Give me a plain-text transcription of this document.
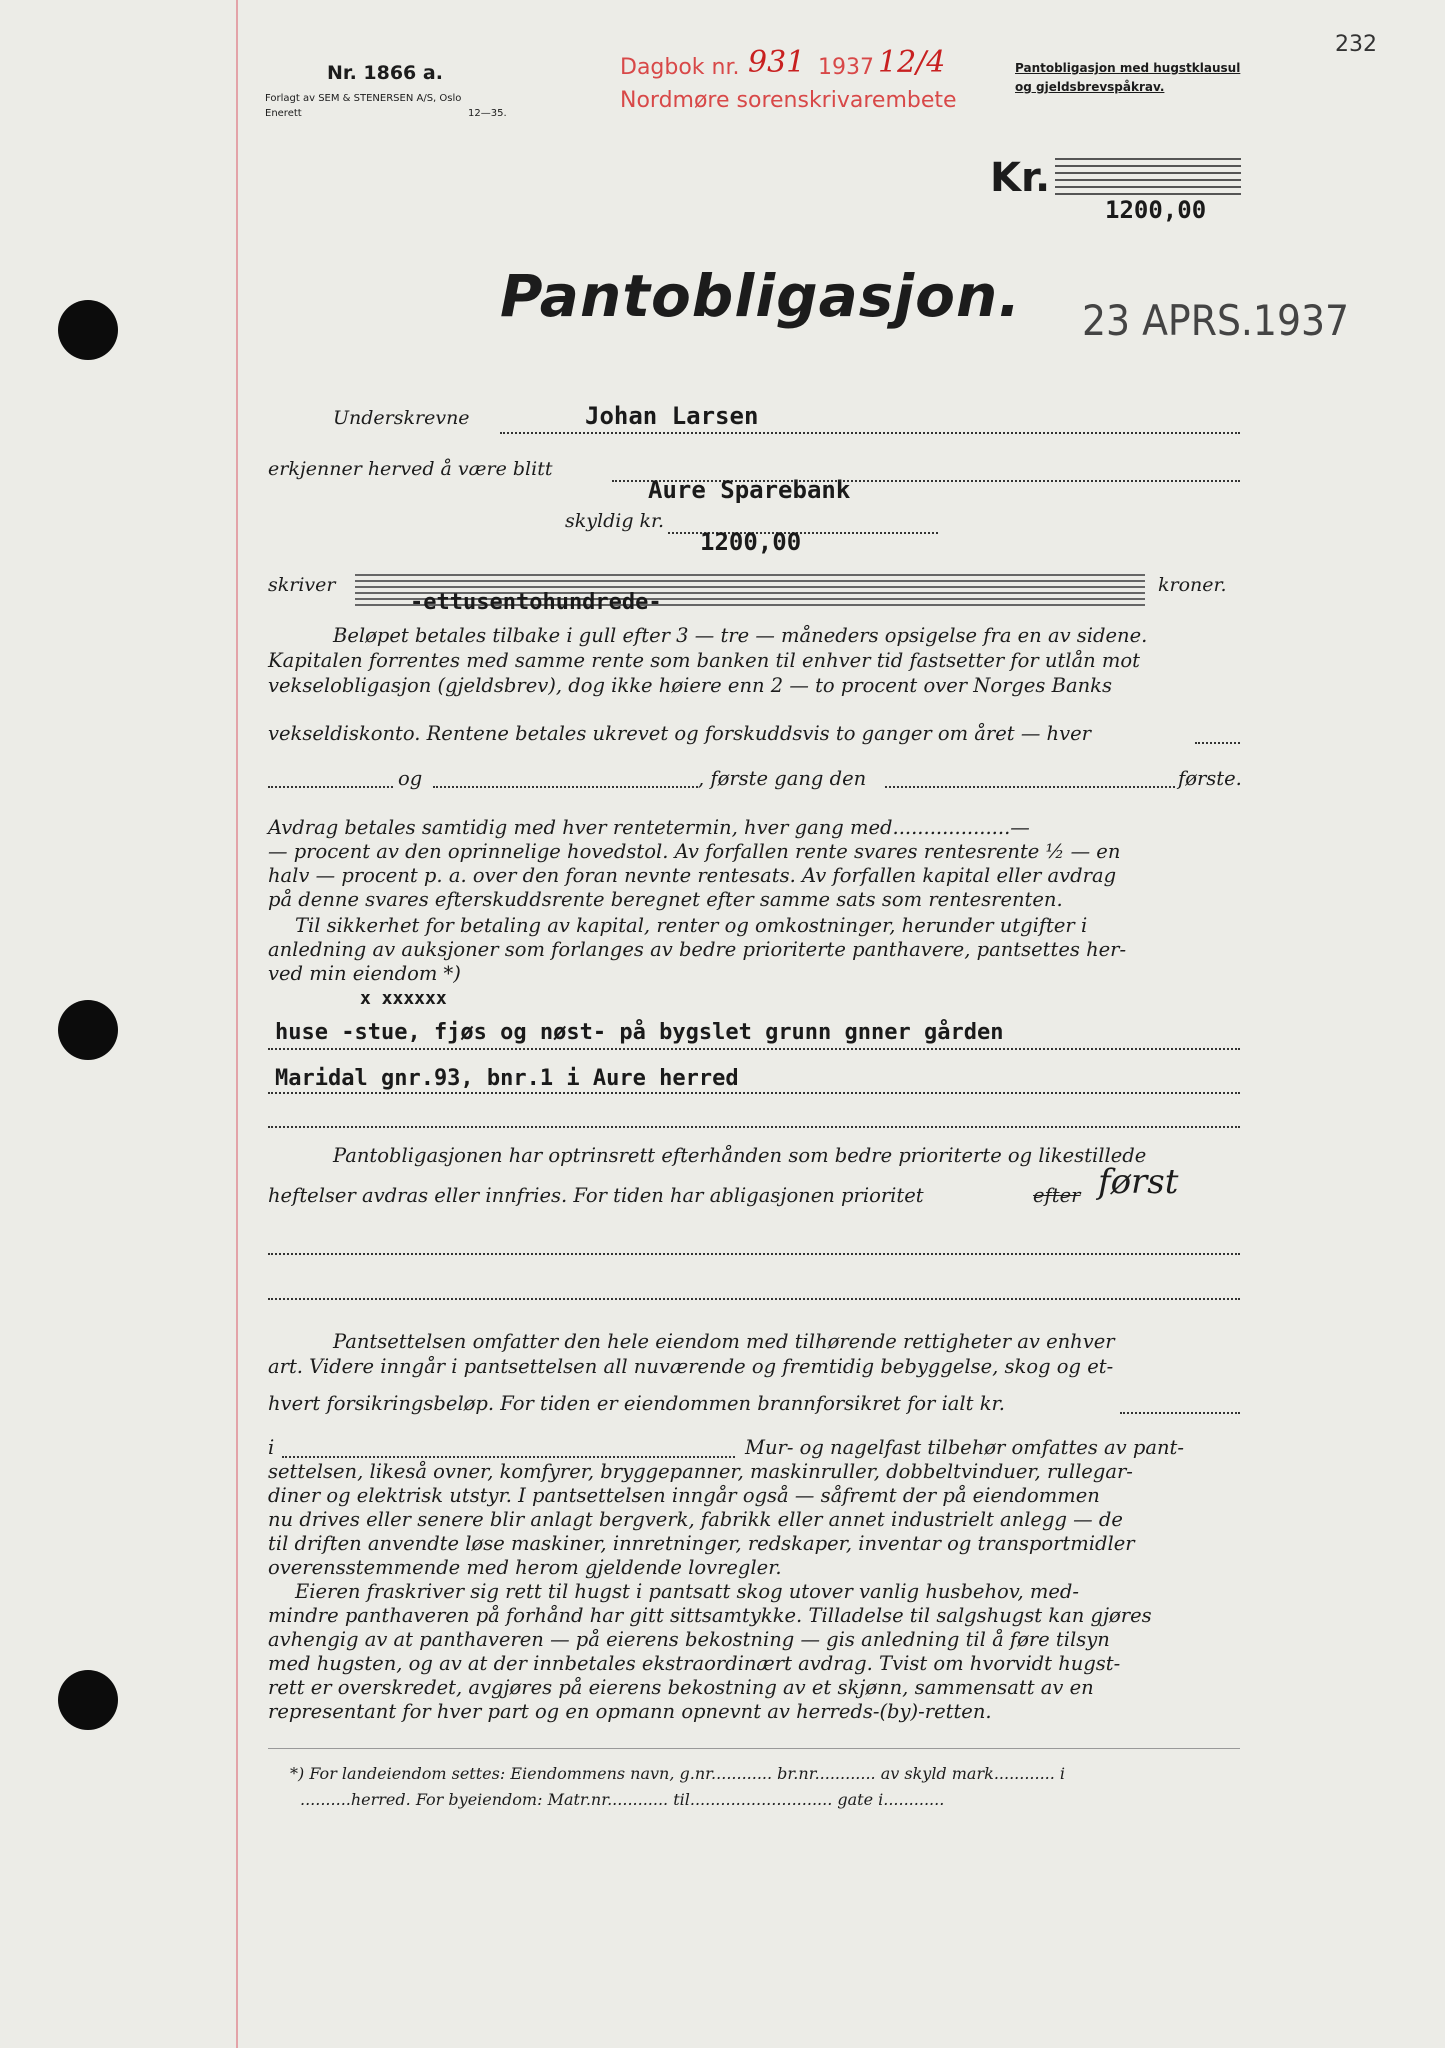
Nr. 1866 a.
Forlagt av SEM & STENERSEN A/S, Oslo
Enerett	12—35.
Dagbok nr. 931 1937 12/4
Nordmøre sorenskrivarembete
Pantobligasjon med hugstklausul
og gjeldsbrevspåkrav.
232
Kr.
1200,00
Pantobligasjon. 23 APRS.1937
Underskrevne	Johan Larsen
erkjenner herved å være blitt
Aure Sparebank
skyldig kr.
1200,00
skriver
-ettusentohundrede-
kroner.
Beløpet betales tilbake i gull efter 3 — tre — måneders opsigelse fra en av sidene.
Kapitalen forrentes med samme rente som banken til enhver tid fastsetter for utlån mot
vekselobligasjon (gjeldsbrev), dog ikke høiere enn 2 — to procent over Norges Banks
vekseldiskonto. Rentene betales ukrevet og forskuddsvis to ganger om året — hver
og	, første gang den	første.
Avdrag betales samtidig med hver rentetermin, hver gang med...................—
— procent av den oprinnelige hovedstol. Av forfallen rente svares rentesrente ½ — en
halv — procent p. a. over den foran nevnte rentesats. Av forfallen kapital eller avdrag
på denne svares efterskuddsrente beregnet efter samme sats som rentesrenten.
Til sikkerhet for betaling av kapital, renter og omkostninger, herunder utgifter i
anledning av auksjoner som forlanges av bedre prioriterte panthavere, pantsettes her-
ved min eiendom *)
x xxxxxx
huse -stue, fjøs og nøst- på bygslet grunn gnner gården
Maridal gnr.93, bnr.1 i Aure herred
Pantobligasjonen har optrinsrett efterhånden som bedre prioriterte og likestillede
heftelser avdras eller innfries. For tiden har abligasjonen prioritet	efter først
Pantsettelsen omfatter den hele eiendom med tilhørende rettigheter av enhver
art. Videre inngår i pantsettelsen all nuværende og fremtidig bebyggelse, skog og et-
hvert forsikringsbeløp. For tiden er eiendommen brannforsikret for ialt kr.
i	Mur- og nagelfast tilbehør omfattes av pant-
settelsen, likeså ovner, komfyrer, bryggepanner, maskinruller, dobbeltvinduer, rullegar-
diner og elektrisk utstyr. I pantsettelsen inngår også — såfremt der på eiendommen
nu drives eller senere blir anlagt bergverk, fabrikk eller annet industrielt anlegg — de
til driften anvendte løse maskiner, innretninger, redskaper, inventar og transportmidler
overensstemmende med herom gjeldende lovregler.
Eieren fraskriver sig rett til hugst i pantsatt skog utover vanlig husbehov, med-
mindre panthaveren på forhånd har gitt sittsamtykke. Tilladelse til salgshugst kan gjøres
avhengig av at panthaveren — på eierens bekostning — gis anledning til å føre tilsyn
med hugsten, og av at der innbetales ekstraordinært avdrag. Tvist om hvorvidt hugst-
rett er overskredet, avgjøres på eierens bekostning av et skjønn, sammensatt av en
representant for hver part og en opmann opnevnt av herreds-(by)-retten.
*) For landeiendom settes: Eiendommens navn, g.nr............ br.nr............ av skyld mark............ i
..........herred. For byeiendom: Matr.nr............ til............................ gate i............
